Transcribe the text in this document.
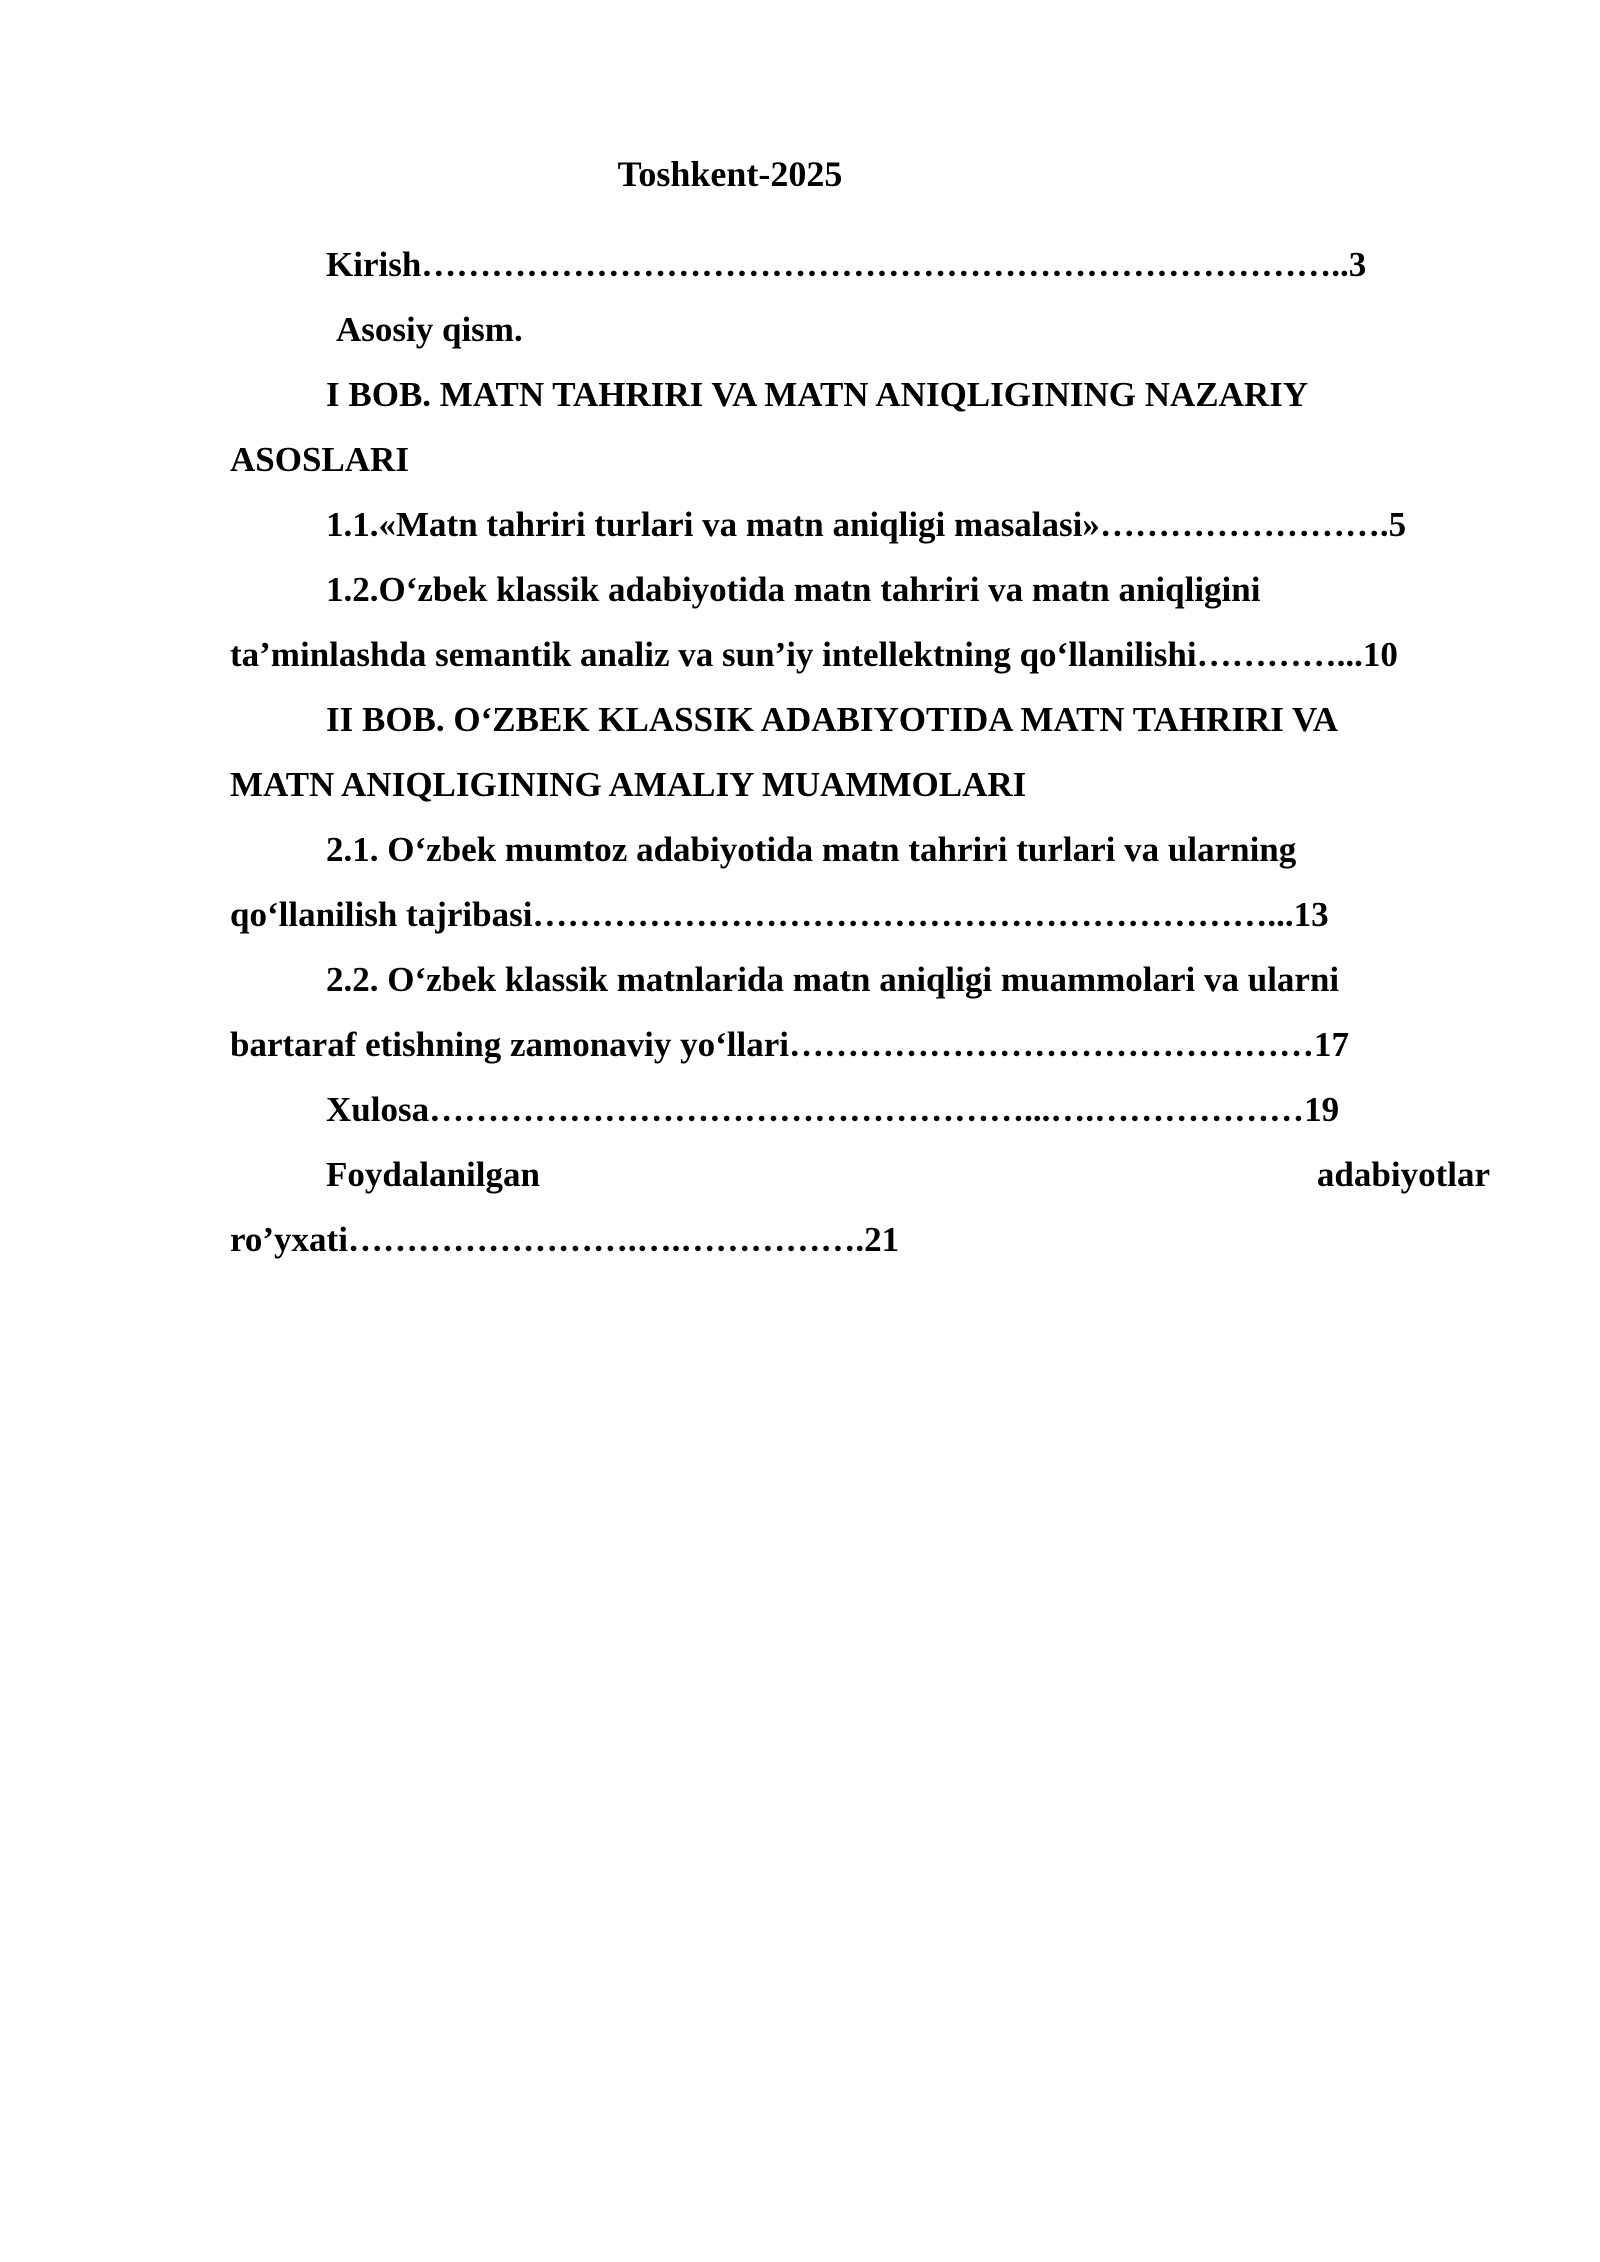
Toshkent-2025

Kirish……………………………………………………………………..3
Asosiy qism.
I BOB. MATN TAHRIRI VA MATN ANIQLIGINING NAZARIY
ASOSLARI
1.1.«Matn tahriri turlari va matn aniqligi masalasi»…………………….5
1.2.O‘zbek klassik adabiyotida matn tahriri va matn aniqligini
ta’minlashda semantik analiz va sun’iy intellektning qo‘llanilishi…………...10
II BOB. O‘ZBEK KLASSIK ADABIYOTIDA MATN TAHRIRI VA
MATN ANIQLIGINING AMALIY MUAMMOLARI
2.1. O‘zbek mumtoz adabiyotida matn tahriri turlari va ularning
qo‘llanilish tajribasi………………………………………………………...13
2.2. O‘zbek klassik matnlarida matn aniqligi muammolari va ularni
bartaraf etishning zamonaviy yo‘llari………………………………………17
Xulosa……………………………………………...….………………19
Foydalanilgan	adabiyotlar
ro’yxati…………………….….…………….21
